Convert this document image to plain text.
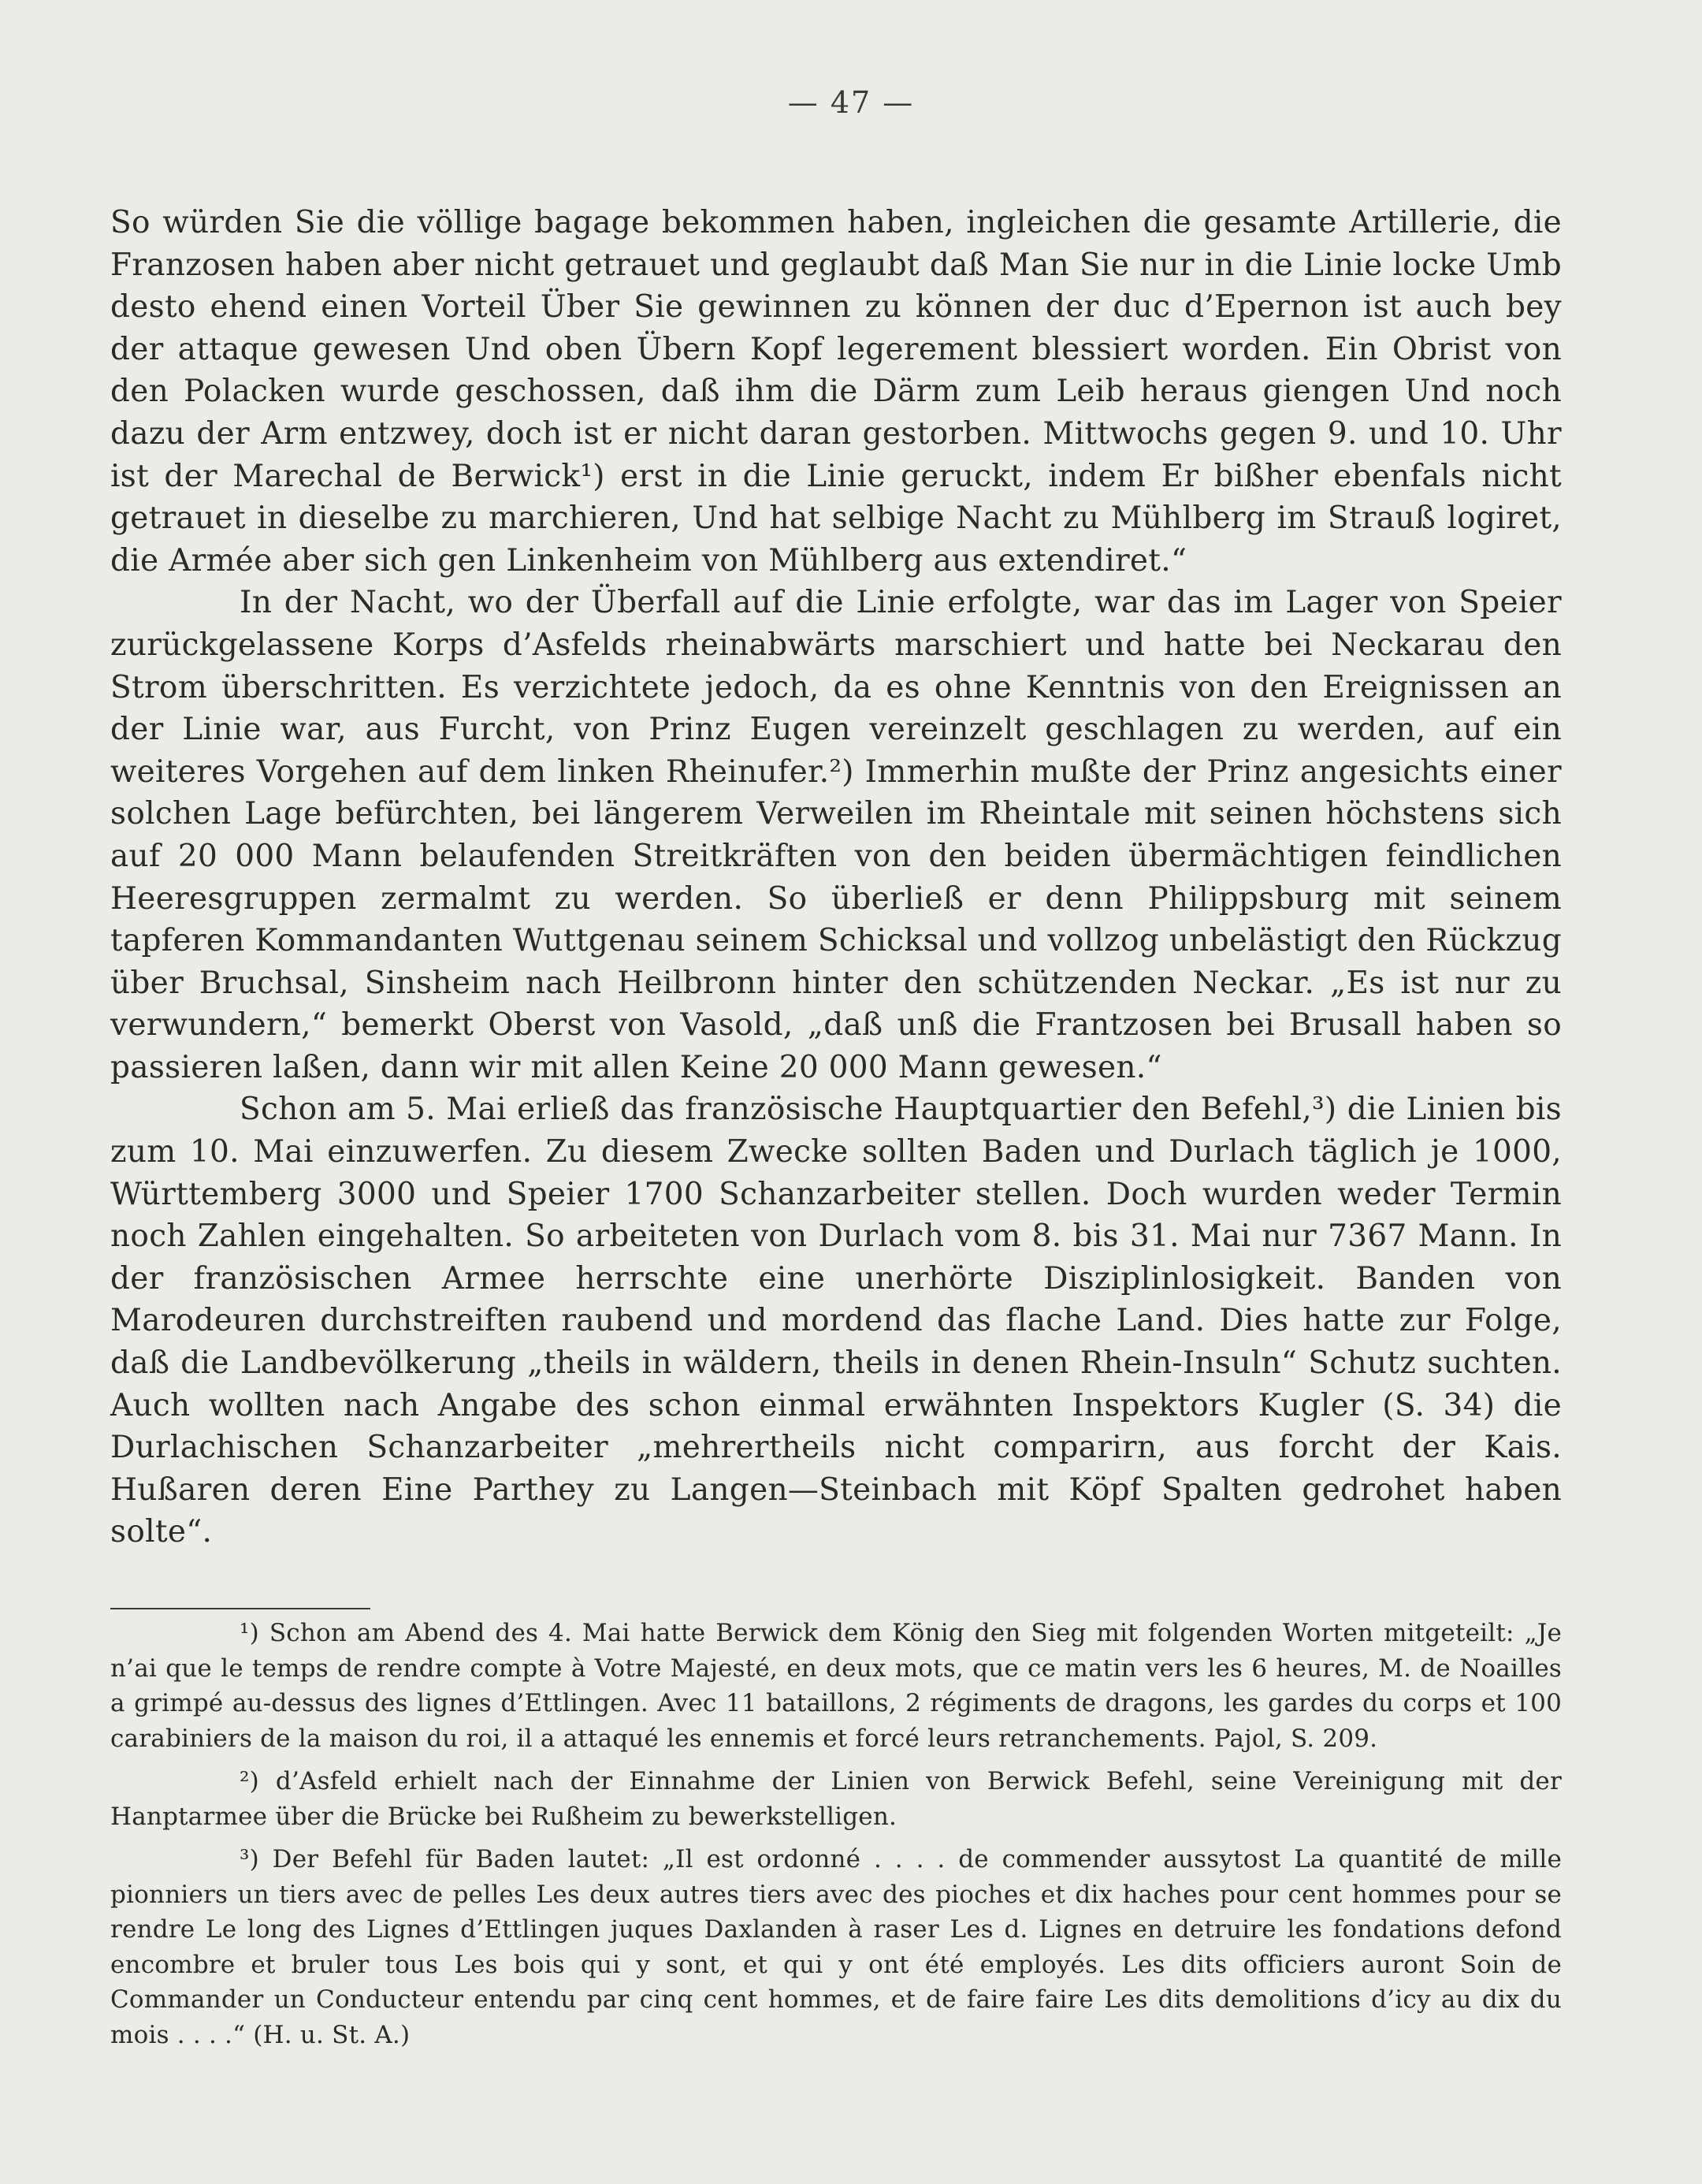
— 47 —

So würden Sie die völlige bagage bekommen haben, ingleichen die gesamte Artillerie, die Franzosen haben aber nicht getrauet und geglaubt daß Man Sie nur in die Linie locke Umb desto ehend einen Vorteil Über Sie gewinnen zu können der duc d’Epernon ist auch bey der attaque gewesen Und oben Übern Kopf legerement blessiert worden. Ein Obrist von den Polacken wurde geschossen, daß ihm die Därm zum Leib heraus giengen Und noch dazu der Arm entzwey, doch ist er nicht daran gestorben. Mittwochs gegen 9. und 10. Uhr ist der Marechal de Berwick¹) erst in die Linie geruckt, indem Er bißher ebenfals nicht getrauet in dieselbe zu marchieren, Und hat selbige Nacht zu Mühlberg im Strauß logiret, die Armée aber sich gen Linkenheim von Mühlberg aus extendiret.“

In der Nacht, wo der Überfall auf die Linie erfolgte, war das im Lager von Speier zurückgelassene Korps d’Asfelds rheinabwärts marschiert und hatte bei Neckarau den Strom überschritten. Es verzichtete jedoch, da es ohne Kenntnis von den Ereignissen an der Linie war, aus Furcht, von Prinz Eugen vereinzelt geschlagen zu werden, auf ein weiteres Vorgehen auf dem linken Rheinufer.²) Immerhin mußte der Prinz angesichts einer solchen Lage befürchten, bei längerem Verweilen im Rheintale mit seinen höchstens sich auf 20 000 Mann belaufenden Streitkräften von den beiden übermächtigen feindlichen Heeresgruppen zermalmt zu werden. So überließ er denn Philippsburg mit seinem tapferen Kommandanten Wuttgenau seinem Schicksal und vollzog unbelästigt den Rückzug über Bruchsal, Sinsheim nach Heilbronn hinter den schützenden Neckar. „Es ist nur zu verwundern,“ bemerkt Oberst von Vasold, „daß unß die Frantzosen bei Brusall haben so passieren laßen, dann wir mit allen Keine 20 000 Mann gewesen.“

Schon am 5. Mai erließ das französische Hauptquartier den Befehl,³) die Linien bis zum 10. Mai einzuwerfen. Zu diesem Zwecke sollten Baden und Durlach täglich je 1000, Württemberg 3000 und Speier 1700 Schanzarbeiter stellen. Doch wurden weder Termin noch Zahlen eingehalten. So arbeiteten von Durlach vom 8. bis 31. Mai nur 7367 Mann. In der französischen Armee herrschte eine unerhörte Disziplinlosigkeit. Banden von Marodeuren durchstreiften raubend und mordend das flache Land. Dies hatte zur Folge, daß die Landbevölkerung „theils in wäldern, theils in denen Rhein-Insuln“ Schutz suchten. Auch wollten nach Angabe des schon einmal erwähnten Inspektors Kugler (S. 34) die Durlachischen Schanzarbeiter „mehrertheils nicht comparirn, aus forcht der Kais. Hußaren deren Eine Parthey zu Langen—Steinbach mit Köpf Spalten gedrohet haben solte“.

¹) Schon am Abend des 4. Mai hatte Berwick dem König den Sieg mit folgenden Worten mitgeteilt: „Je n’ai que le temps de rendre compte à Votre Majesté, en deux mots, que ce matin vers les 6 heures, M. de Noailles a grimpé au-dessus des lignes d’Ettlingen. Avec 11 bataillons, 2 régiments de dragons, les gardes du corps et 100 carabiniers de la maison du roi, il a attaqué les ennemis et forcé leurs retranchements. Pajol, S. 209.

²) d’Asfeld erhielt nach der Einnahme der Linien von Berwick Befehl, seine Vereinigung mit der Hanptarmee über die Brücke bei Rußheim zu bewerkstelligen.

³) Der Befehl für Baden lautet: „Il est ordonné . . . . de commender aussytost La quantité de mille pionniers un tiers avec de pelles Les deux autres tiers avec des pioches et dix haches pour cent hommes pour se rendre Le long des Lignes d’Ettlingen juques Daxlanden à raser Les d. Lignes en detruire les fondations defond encombre et bruler tous Les bois qui y sont, et qui y ont été employés. Les dits officiers auront Soin de Commander un Conducteur entendu par cinq cent hommes, et de faire faire Les dits demolitions d’icy au dix du mois . . . .“ (H. u. St. A.)
